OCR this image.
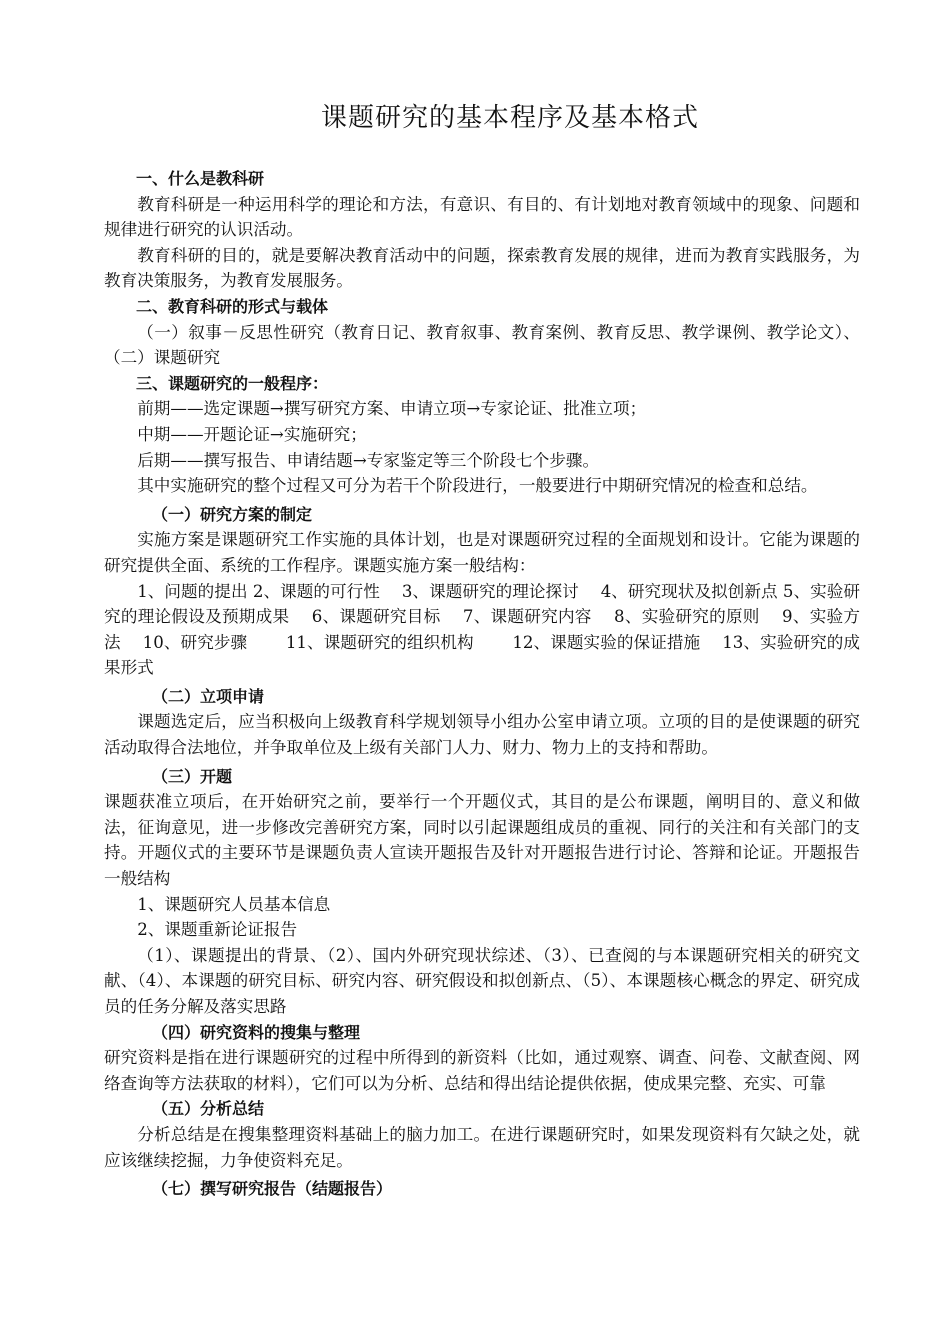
课题研究的基本程序及基本格式

一、什么是教科研

教育科研是一种运用科学的理论和方法，有意识、有目的、有计划地对教育领域中的现象、问题和规律进行研究的认识活动。

教育科研的目的，就是要解决教育活动中的问题，探索教育发展的规律，进而为教育实践服务，为教育决策服务，为教育发展服务。

二、教育科研的形式与载体

（一）叙事－反思性研究（教育日记、教育叙事、教育案例、教育反思、教学课例、教学论文）、（二）课题研究

三、课题研究的一般程序：

前期——选定课题→撰写研究方案、申请立项→专家论证、批准立项；

中期——开题论证→实施研究；

后期——撰写报告、申请结题→专家鉴定等三个阶段七个步骤。

其中实施研究的整个过程又可分为若干个阶段进行，一般要进行中期研究情况的检查和总结。

（一）研究方案的制定

实施方案是课题研究工作实施的具体计划，也是对课题研究过程的全面规划和设计。它能为课题的研究提供全面、系统的工作程序。课题实施方案一般结构：

1、问题的提出 2、课题的可行性　 3、课题研究的理论探讨　 4、研究现状及拟创新点 5、实验研究的理论假设及预期成果　 6、课题研究目标　 7、课题研究内容　 8、实验研究的原则　 9、实验方法　 10、研究步骤　　 11、课题研究的组织机构　　 12、课题实验的保证措施　 13、实验研究的成果形式

（二）立项申请

课题选定后，应当积极向上级教育科学规划领导小组办公室申请立项。立项的目的是使课题的研究活动取得合法地位，并争取单位及上级有关部门人力、财力、物力上的支持和帮助。

（三）开题

课题获准立项后，在开始研究之前，要举行一个开题仪式，其目的是公布课题，阐明目的、意义和做法，征询意见，进一步修改完善研究方案，同时以引起课题组成员的重视、同行的关注和有关部门的支持。开题仪式的主要环节是课题负责人宣读开题报告及针对开题报告进行讨论、答辩和论证。开题报告一般结构

1、课题研究人员基本信息

2、课题重新论证报告

（1）、课题提出的背景、（2）、国内外研究现状综述、（3）、已查阅的与本课题研究相关的研究文献、（4）、本课题的研究目标、研究内容、研究假设和拟创新点、（5）、本课题核心概念的界定、研究成员的任务分解及落实思路

（四）研究资料的搜集与整理

研究资料是指在进行课题研究的过程中所得到的新资料（比如，通过观察、调查、问卷、文献查阅、网络查询等方法获取的材料），它们可以为分析、总结和得出结论提供依据，使成果完整、充实、可靠

（五）分析总结

分析总结是在搜集整理资料基础上的脑力加工。在进行课题研究时，如果发现资料有欠缺之处，就应该继续挖掘，力争使资料充足。

（七）撰写研究报告（结题报告）
